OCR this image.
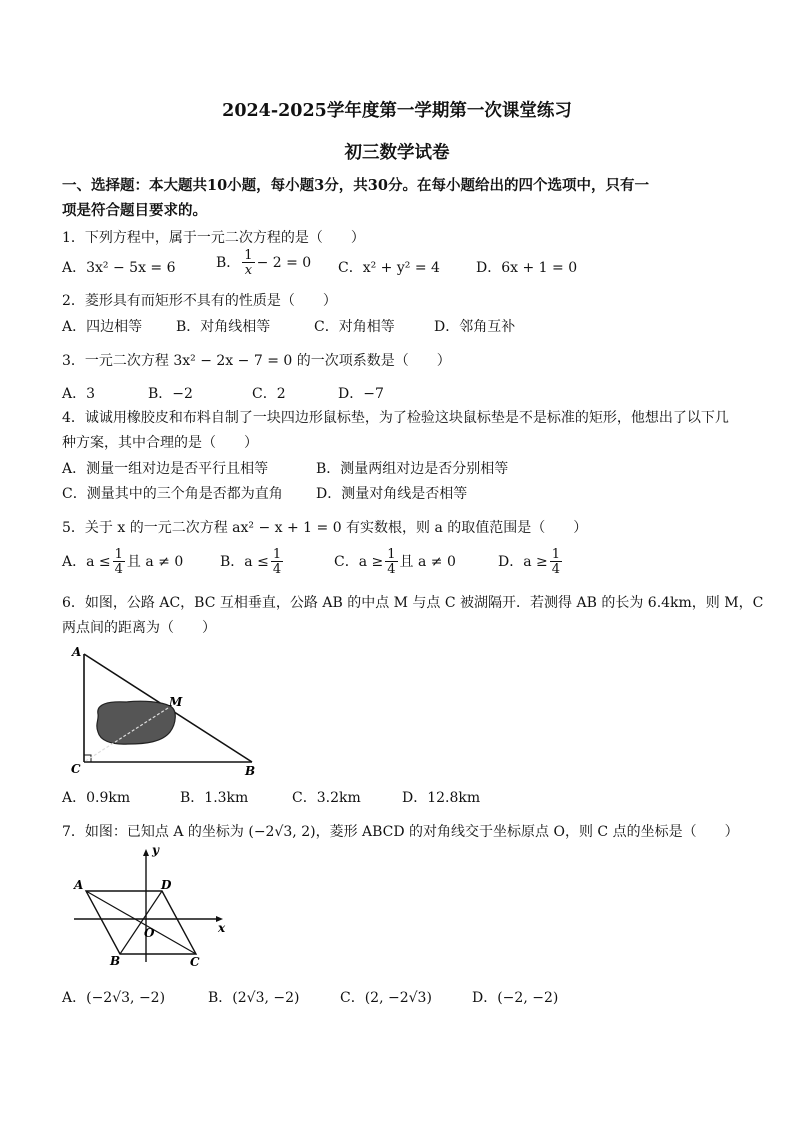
2024-2025学年度第一学期第一次课堂练习
初三数学试卷
一、选择题：本大题共10小题，每小题3分，共30分。在每小题给出的四个选项中，只有一
项是符合题目要求的。
1．下列方程中，属于一元二次方程的是（　　）
A．3x² − 5x = 6	B． $\frac{1}{x} - 2 = 0$ C．x² + y² = 4	D．6x + 1 = 0
2．菱形具有而矩形不具有的性质是（　　）
A．四边相等 B．对角线相等	C．对角相等	D．邻角互补
3．一元二次方程 3x² − 2x − 7 = 0 的一次项系数是（　　）
A．3	B．−2	C．2	D．−7
4．诚诚用橡胶皮和布料自制了一块四边形鼠标垫，为了检验这块鼠标垫是不是标准的矩形，他想出了以下几
种方案，其中合理的是（　　）
A．测量一组对边是否平行且相等	B．测量两组对边是否分别相等
C．测量其中的三个角是否都为直角 D．测量对角线是否相等
5．关于 x 的一元二次方程 ax² − x + 1 = 0 有实数根，则 a 的取值范围是（　　）
A．$a \le \frac{1}{4}$ 且 a ≠ 0	B．$a \le \frac{1}{4}$	C．$a \ge \frac{1}{4}$ 且 a ≠ 0	D．$a \ge \frac{1}{4}$
6．如图，公路 AC，BC 互相垂直，公路 AB 的中点 M 与点 C 被湖隔开．若测得 AB 的长为 6.4km，则 M，C
两点间的距离为（　　）
A
M
C	B
A．0.9km	B．1.3km	C．3.2km	D．12.8km
7．如图：已知点 A 的坐标为 (−2√3, 2)，菱形 ABCD 的对角线交于坐标原点 O，则 C 点的坐标是（　　）
y
x
A	D
O
B	C
A．(−2√3, −2)	B．(2√3, −2)	C．(2, −2√3)	D．(−2, −2)
